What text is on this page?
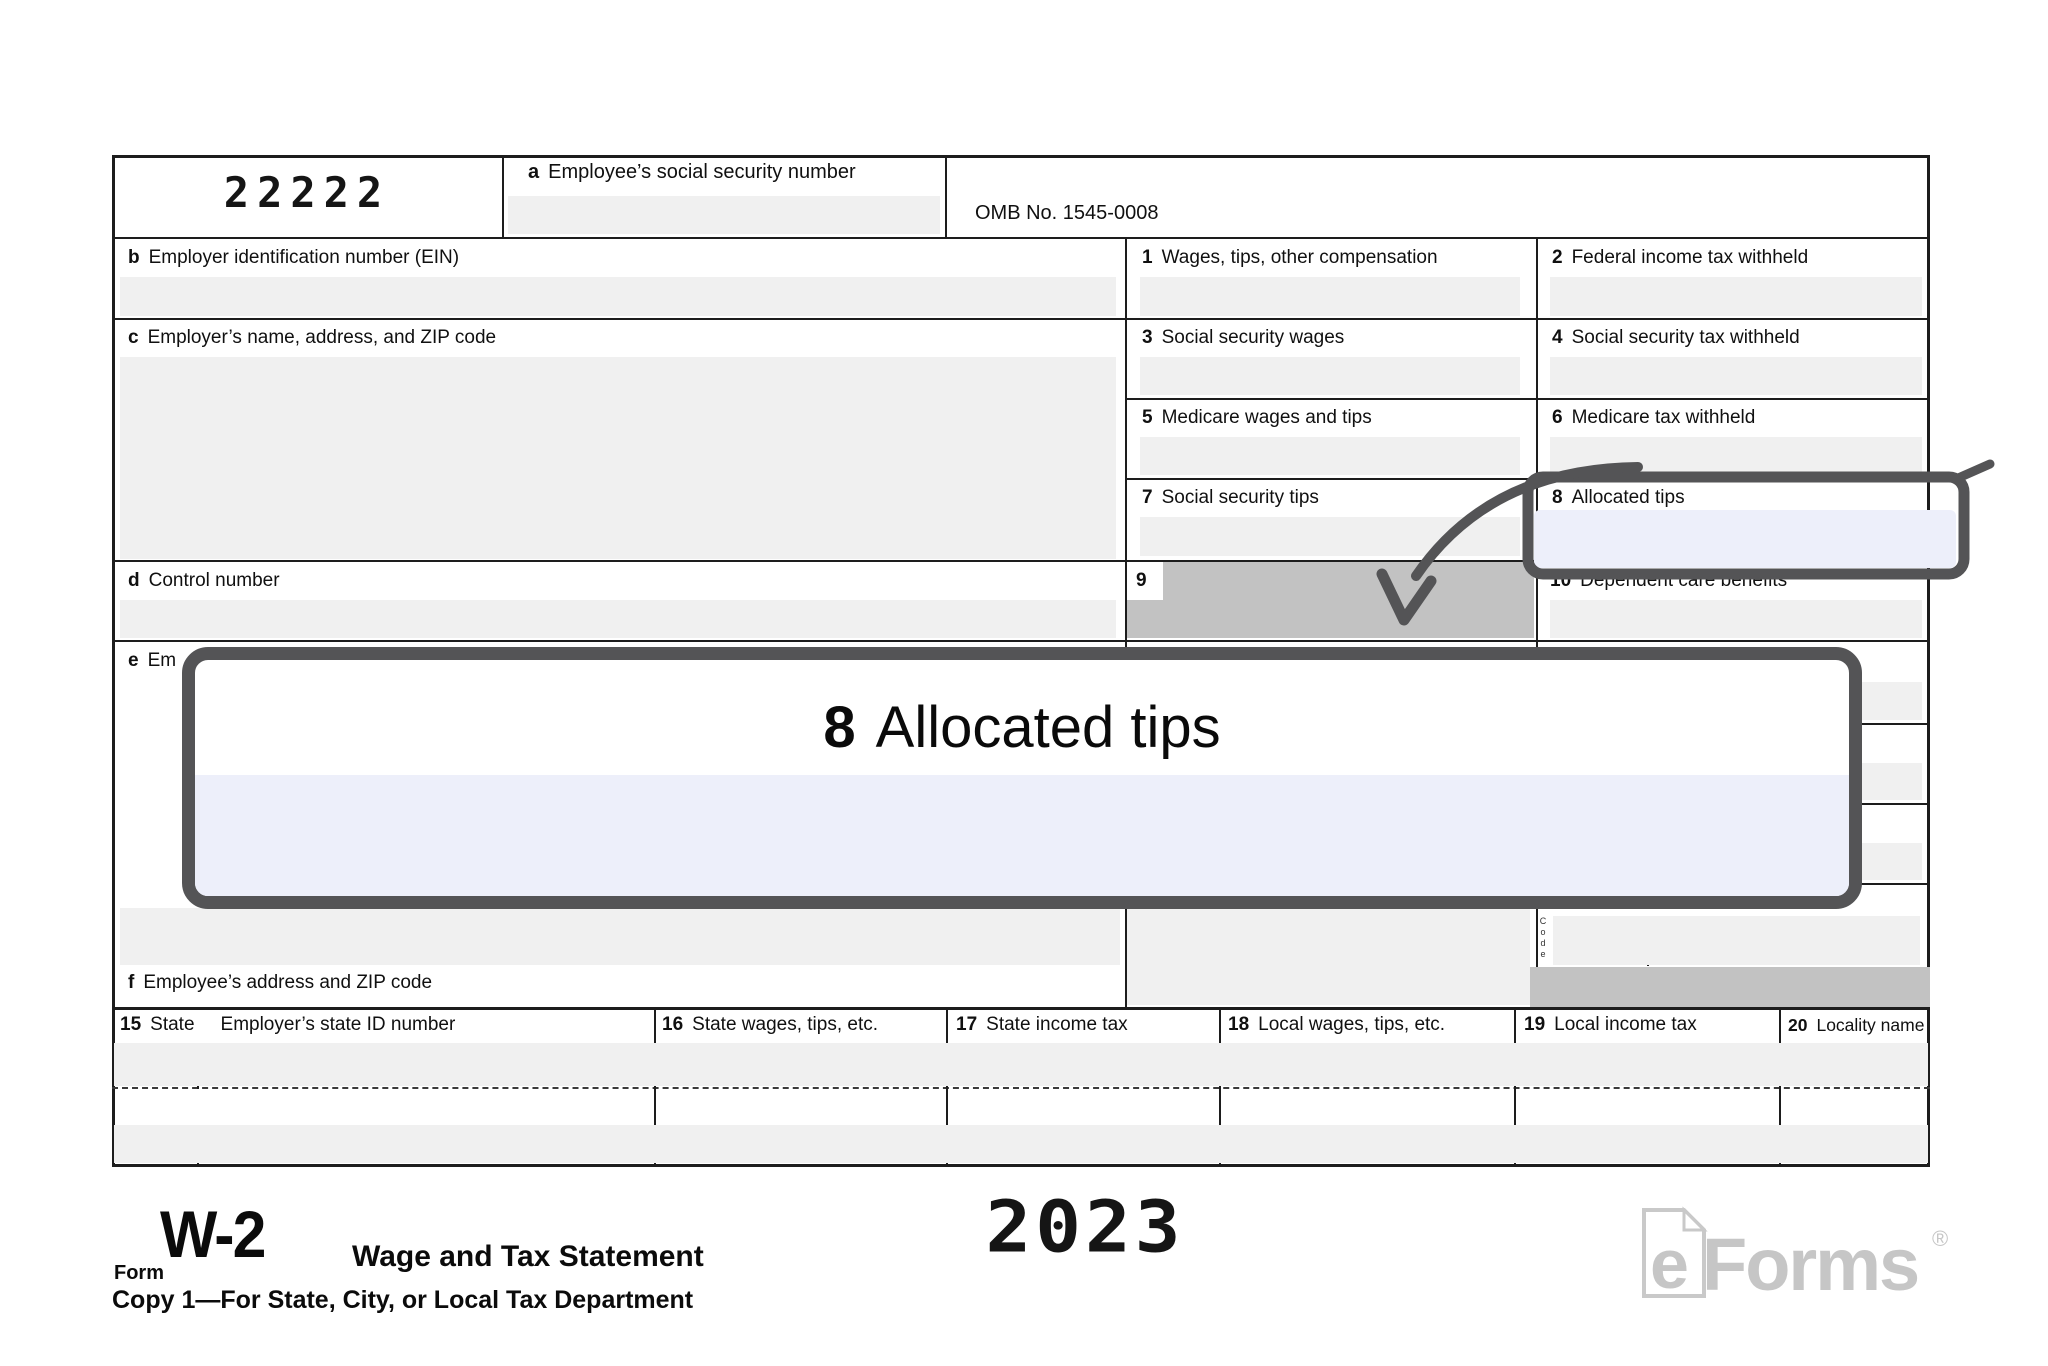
9
22222	a Employee’s social security number
OMB No. 1545-0008
b Employer identification number (EIN)
c Employer’s name, address, and ZIP code
d Control number
e Em
f Employee’s address and ZIP code
1 Wages, tips, other compensation	2 Federal income tax withheld
3 Social security wages	4 Social security tax withheld
5 Medicare wages and tips	6 Medicare tax withheld
7 Social security tips	8 Allocated tips
10 Dependent care benefits
Code
15 State Employer’s state ID number	16 State wages, tips, etc.	17 State income tax	18 Local wages, tips, etc.	19 Local income tax	20 Locality name
8 Allocated tips
Form
W-2	Wage and Tax Statement	2023
Copy 1—For State, City, or Local Tax Department	e Forms ®
